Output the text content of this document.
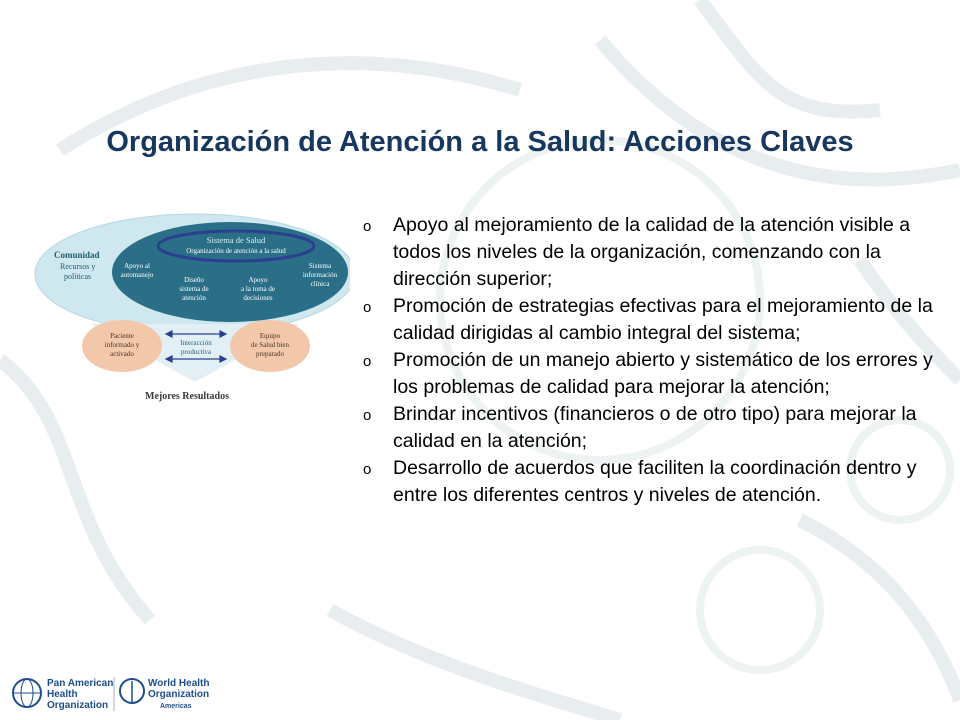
Organización de Atención a la Salud: Acciones Claves
Comunidad
Recursos y
políticas
Sistema de Salud
Organización de atención a la salud
Apoyo al
automanejo
Diseño
sistema de
atención
Apoyo
a la toma de
decisiones
Sistema
información
clínica
Paciente
informado y
activado
Equipo
de Salud bien
preparado
Interacción
productiva
Mejores Resultados
o Apoyo al mejoramiento de la calidad de la atención visible a todos los niveles de la organización, comenzando con la dirección superior;
o Promoción de estrategias efectivas para el mejoramiento de la calidad dirigidas al cambio integral del sistema;
o Promoción de un manejo abierto y sistemático de los errores y los problemas de calidad para mejorar la atención;
o Brindar incentivos (financieros o de otro tipo) para mejorar la calidad en la atención;
o Desarrollo de acuerdos que faciliten la coordinación dentro y entre los diferentes centros y niveles de atención.
Pan American
Health
Organization
World Health
Organization
Americas
